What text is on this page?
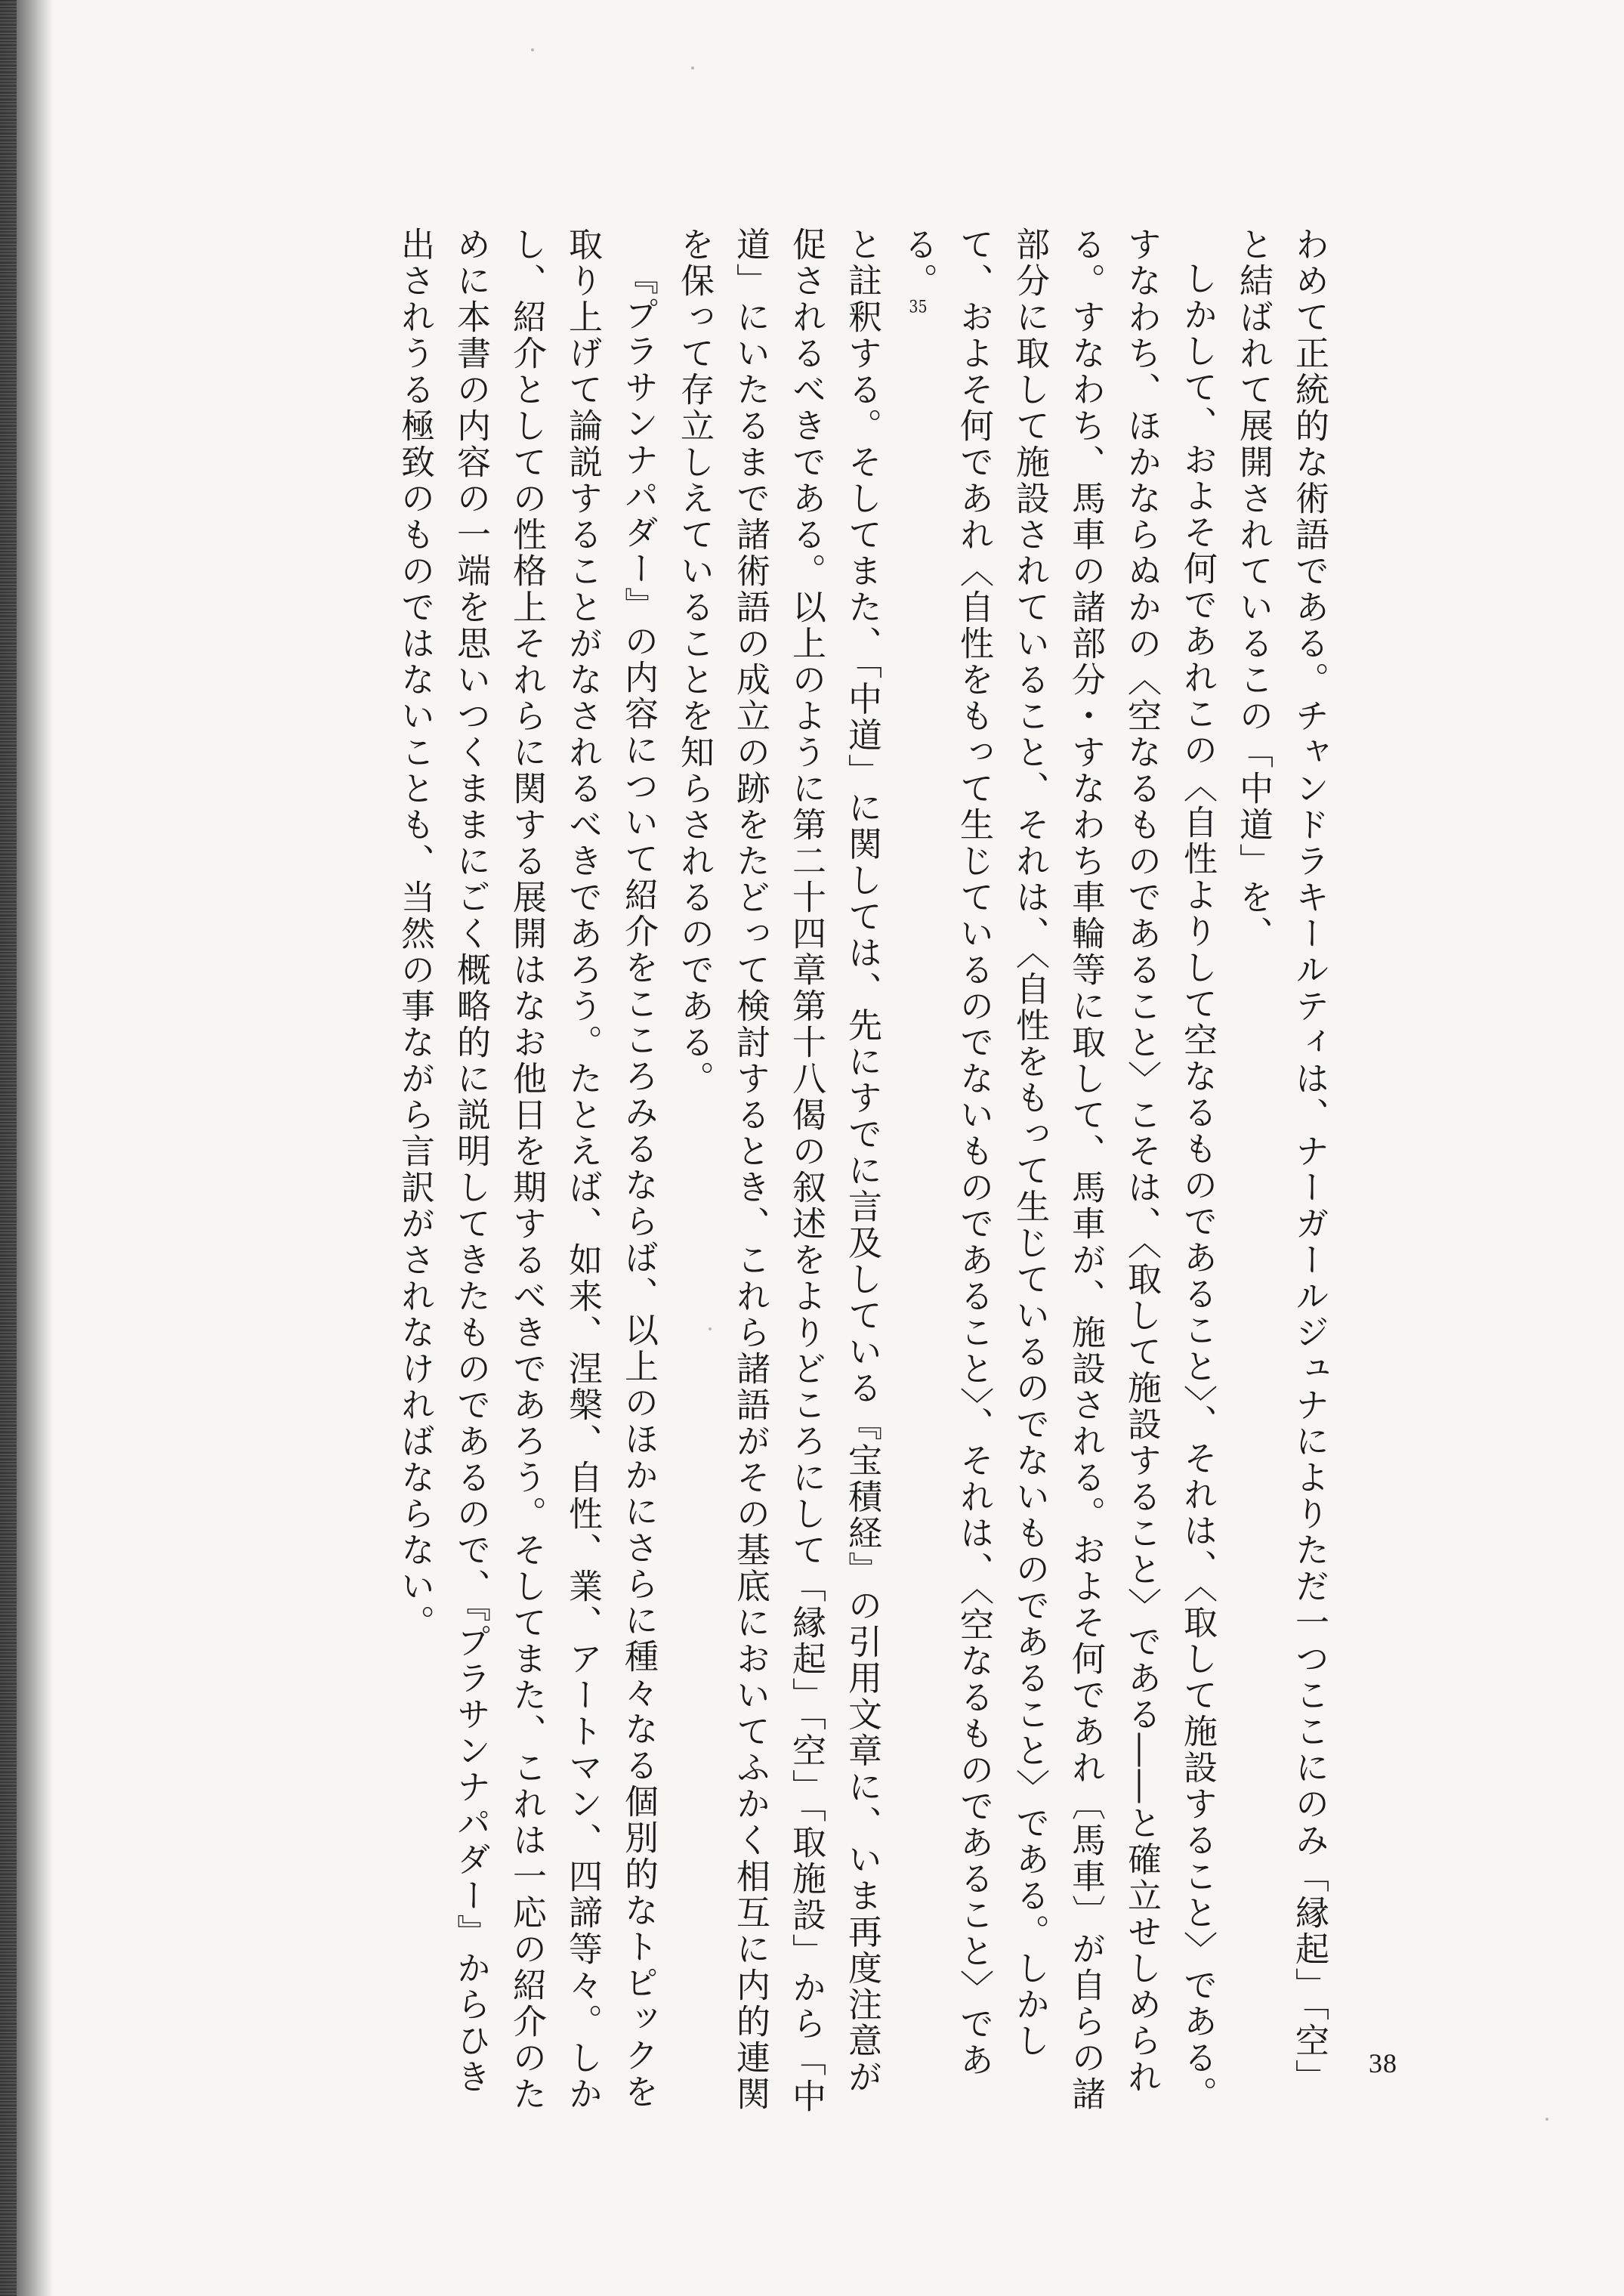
わめて正統的な術語である。チャンドラキールティは、ナーガールジュナによりただ一つここにのみ「縁起」「空」と結ばれて展開されているこの「中道」を、

しかして、およそ何であれこの〈自性よりして空なるものであること〉、それは、〈取して施設すること〉である。すなわち、ほかならぬかの〈空なるものであること〉こそは、〈取して施設すること〉である――と確立せしめられる。すなわち、馬車の諸部分・すなわち車輪等に取して、馬車が、施設される。およそ何であれ〔馬車〕が自らの諸部分に取して施設されていること、それは、〈自性をもって生じているのでないものであること〉である。しかして、およそ何であれ〈自性をもって生じているのでないものであること〉、それは、〈空なるものであること〉である。35

と註釈する。そしてまた、「中道」に関しては、先にすでに言及している『宝積経』の引用文章に、いま再度注意が促されるべきである。以上のように第二十四章第十八偈の叙述をよりどころにして「縁起」「空」「取施設」から「中道」にいたるまで諸術語の成立の跡をたどって検討するとき、これら諸語がその基底においてふかく相互に内的連関を保って存立しえていることを知らされるのである。

『プラサンナパダー』の内容について紹介をこころみるならば、以上のほかにさらに種々なる個別的なトピックを取り上げて論説することがなされるべきであろう。たとえば、如来、涅槃、自性、業、アートマン、四諦等々。しかし、紹介としての性格上それらに関する展開はなお他日を期するべきであろう。そしてまた、これは一応の紹介のために本書の内容の一端を思いつくままにごく概略的に説明してきたものであるので、『プラサンナパダー』からひき出されうる極致のものではないことも、当然の事ながら言訳がされなければならない。

38
